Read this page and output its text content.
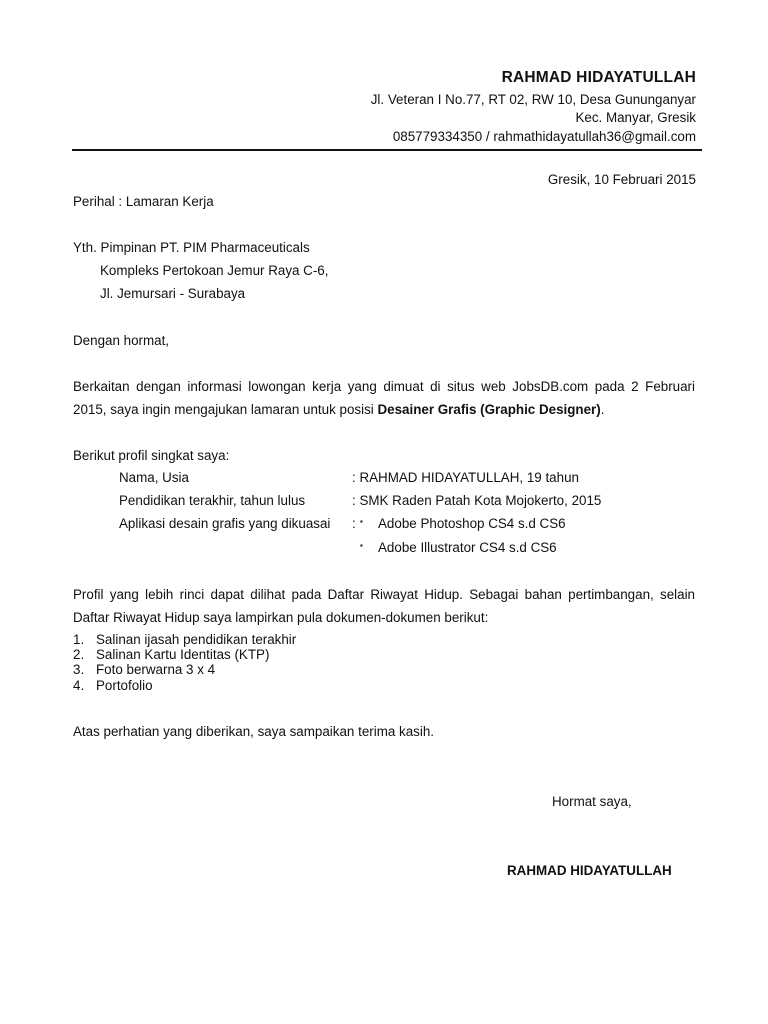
RAHMAD HIDAYATULLAH
Jl. Veteran I No.77, RT 02, RW 10, Desa Gununganyar
Kec. Manyar, Gresik
085779334350 / rahmathidayatullah36@gmail.com
Gresik, 10 Februari 2015
Perihal : Lamaran Kerja
Yth. Pimpinan PT. PIM Pharmaceuticals
Kompleks Pertokoan Jemur Raya C-6,
Jl. Jemursari - Surabaya
Dengan hormat,
Berkaitan dengan informasi lowongan kerja yang dimuat di situs web JobsDB.com pada 2 Februari 2015, saya ingin mengajukan lamaran untuk posisi Desainer Grafis (Graphic Designer).
Berikut profil singkat saya:
Nama, Usia	: RAHMAD HIDAYATULLAH, 19 tahun
Pendidikan terakhir, tahun lulus	: SMK Raden Patah Kota Mojokerto, 2015
Aplikasi desain grafis yang dikuasai : ▪ Adobe Photoshop CS4 s.d CS6
▪ Adobe Illustrator CS4 s.d CS6
Profil yang lebih rinci dapat dilihat pada Daftar Riwayat Hidup. Sebagai bahan pertimbangan, selain Daftar Riwayat Hidup saya lampirkan pula dokumen-dokumen berikut:
1. Salinan ijasah pendidikan terakhir
2. Salinan Kartu Identitas (KTP)
3. Foto berwarna 3 x 4
4. Portofolio
Atas perhatian yang diberikan, saya sampaikan terima kasih.
Hormat saya,
RAHMAD HIDAYATULLAH
